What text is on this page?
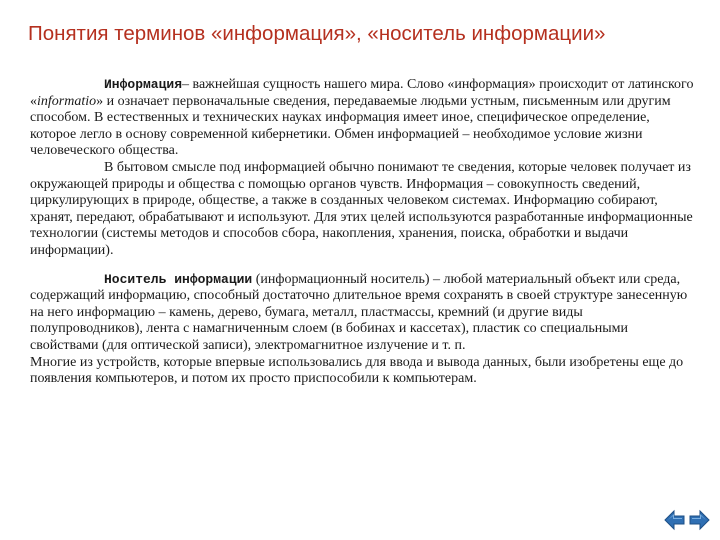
Понятия терминов «информация», «носитель информации»

Информация– важнейшая сущность нашего мира. Слово «информация» происходит от латинского «informatio» и означает первоначальные сведения, передаваемые людьми устным, письменным или другим способом. В естественных и технических науках информация имеет иное, специфическое определение, которое легло в основу современной кибернетики. Обмен информацией – необходимое условие жизни человеческого общества.

В бытовом смысле под информацией обычно понимают те сведения, которые человек получает из окружающей природы и общества с помощью органов чувств. Информация – совокупность сведений, циркулирующих в природе, обществе, а также в созданных человеком системах. Информацию собирают, хранят, передают, обрабатывают и используют. Для этих целей используются разработанные информационные технологии (системы методов и способов сбора, накопления, хранения, поиска, обработки и выдачи информации).

Носитель информации (информационный носитель) – любой материальный объект или среда, содержащий информацию, способный достаточно длительное время сохранять в своей структуре занесенную на него информацию – камень, дерево, бумага, металл, пластмассы, кремний (и другие виды полупроводников), лента с намагниченным слоем (в бобинах и кассетах), пластик со специальными свойствами (для оптической записи), электромагнитное излучение и т. п.

Многие из устройств, которые впервые использовались для ввода и вывода данных, были изобретены еще до появления компьютеров, и потом их просто приспособили к компьютерам.
